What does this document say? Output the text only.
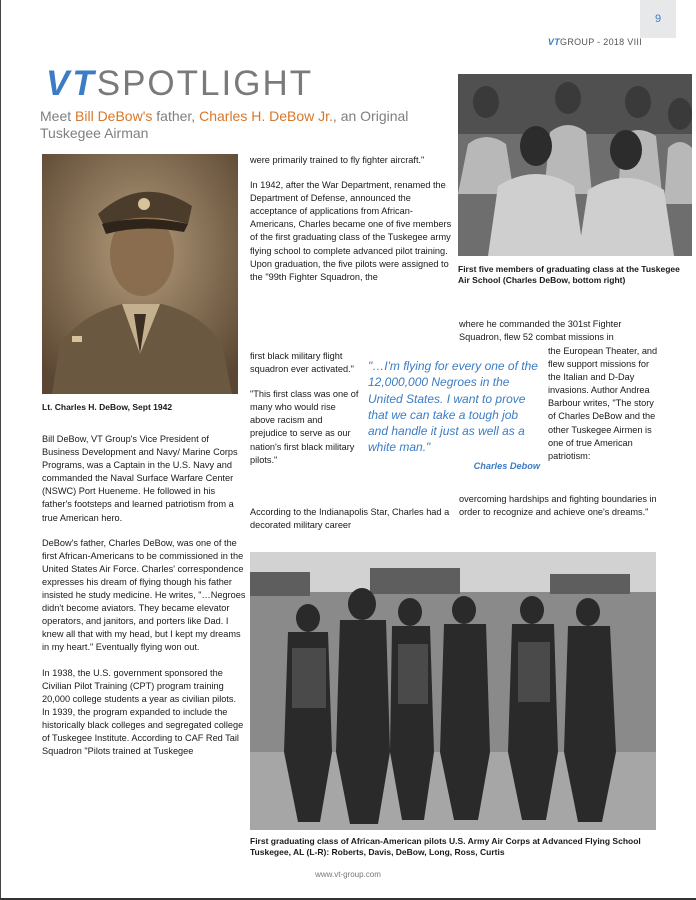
9
VTGROUP - 2018 VIII
VTSPOTLIGHT
Meet Bill DeBow's father, Charles H. DeBow Jr., an Original Tuskegee Airman
Lt. Charles H. DeBow, Sept 1942
First five members of graduating class at the Tuskegee Air School (Charles DeBow, bottom right)

Bill DeBow, VT Group's Vice President of Business Development and Navy/ Marine Corps Programs, was a Captain in the U.S. Navy and commanded the Naval Surface Warfare Center (NSWC) Port Hueneme. He followed in his father's footsteps and learned patriotism from a true American hero.

DeBow's father, Charles DeBow, was one of the first African-Americans to be commissioned in the United States Air Force. Charles' correspondence expresses his dream of flying though his father insisted he study medicine. He writes, "…Negroes didn't become aviators. They became elevator operators, and janitors, and porters like Dad. I knew all that with my head, but I kept my dreams in my heart." Eventually flying won out.

In 1938, the U.S. government sponsored the Civilian Pilot Training (CPT) program training 20,000 college students a year as civilian pilots. In 1939, the program expanded to include the historically black colleges and segregated college of Tuskegee Institute. According to CAF Red Tail Squadron "Pilots trained at Tuskegee

were primarily trained to fly fighter aircraft."

In 1942, after the War Department, renamed the Department of Defense, announced the acceptance of applications from African-Americans, Charles became one of five members of the first graduating class of the Tuskegee army flying school to complete advanced pilot training. Upon graduation, the five pilots were assigned to the "99th Fighter Squadron, the

first black military flight squadron ever activated."

"This first class was one of many who would rise above racism and prejudice to serve as our nation's first black military pilots."

According to the Indianapolis Star, Charles had a decorated military career

"…I'm flying for every one of the 12,000,000 Negroes in the United States. I want to prove that we can take a tough job and handle it just as well as a white man."
Charles Debow

where he commanded the 301st Fighter Squadron, flew 52 combat missions in

the European Theater, and flew support missions for the Italian and D-Day invasions. Author Andrea Barbour writes, "The story of Charles DeBow and the other Tuskegee Airmen is one of true American patriotism:

overcoming hardships and fighting boundaries in order to recognize and achieve one's dreams."

First graduating class of African-American pilots U.S. Army Air Corps at Advanced Flying School Tuskegee, AL (L-R): Roberts, Davis, DeBow, Long, Ross, Curtis
www.vt-group.com
